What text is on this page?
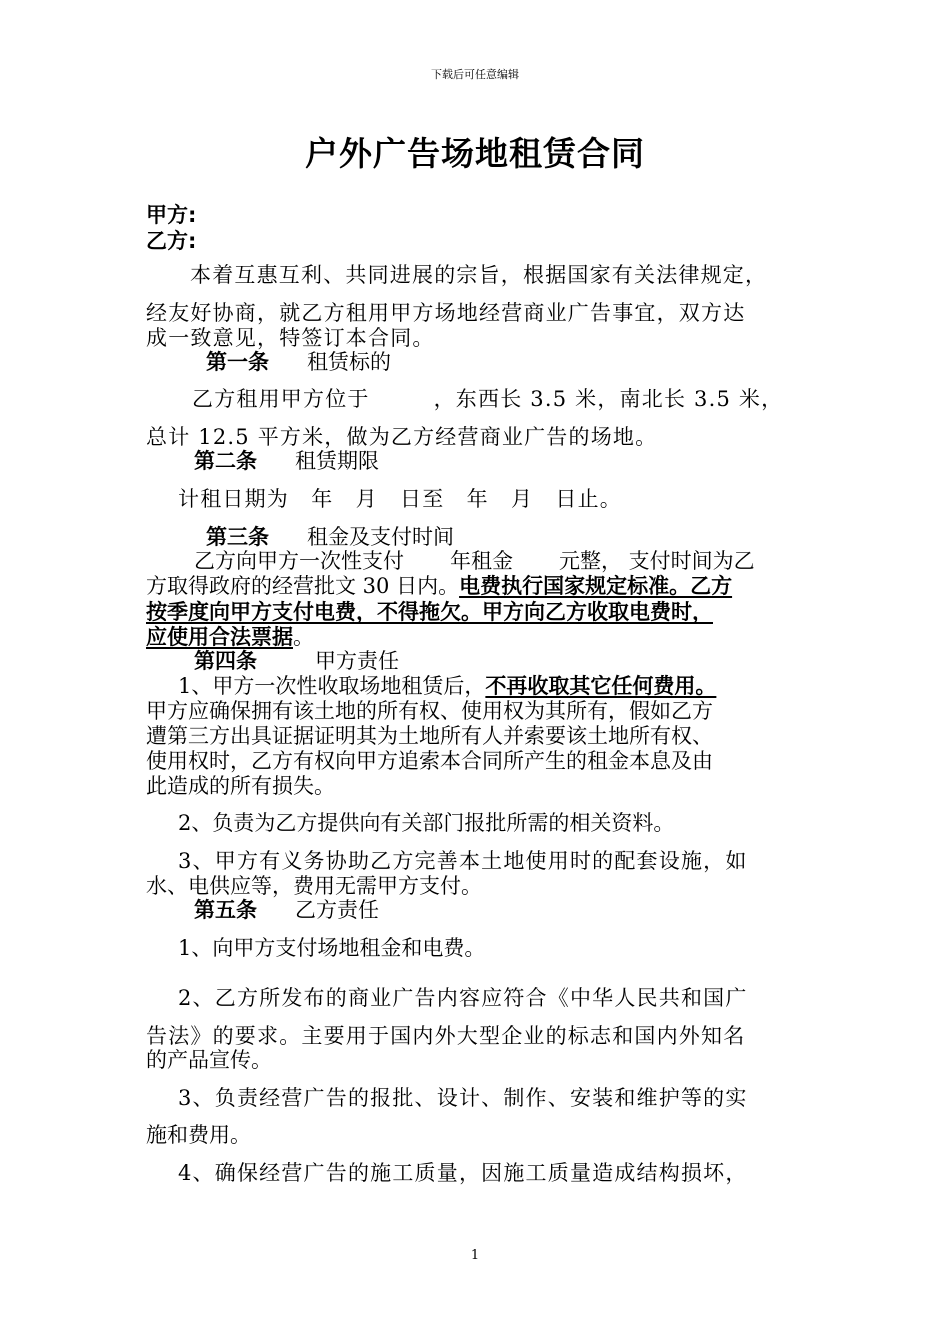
下载后可任意编辑
户外广告场地租赁合同
甲方:
乙方:
本着互惠互利、共同进展的宗旨，根据国家有关法律规定，
经友好协商，就乙方租用甲方场地经营商业广告事宜，双方达
成一致意见，特签订本合同。
第一条 租赁标的
乙方租用甲方位于	，东西长 3.5 米，南北长 3.5 米，
总计 12.5 平方米，做为乙方经营商业广告的场地。
第二条 租赁期限
计租日期为　年　月　日至　年　月　日止。
第三条 租金及支付时间
乙方向甲方一次性支付 年租金 元整， 支付时间为乙
方取得政府的经营批文 30 日内。电费执行国家规定标准。乙方
按季度向甲方支付电费，不得拖欠。甲方向乙方收取电费时，
应使用合法票据。
第四条	甲方责任
1、甲方一次性收取场地租赁后，不再收取其它任何费用。
甲方应确保拥有该土地的所有权、使用权为其所有，假如乙方
遭第三方出具证据证明其为土地所有人并索要该土地所有权、
使用权时，乙方有权向甲方追索本合同所产生的租金本息及由
此造成的所有损失。
2、负责为乙方提供向有关部门报批所需的相关资料。
3、甲方有义务协助乙方完善本土地使用时的配套设施，如
水、电供应等，费用无需甲方支付。
第五条 乙方责任
1、向甲方支付场地租金和电费。
2、乙方所发布的商业广告内容应符合《中华人民共和国广
告法》的要求。主要用于国内外大型企业的标志和国内外知名
的产品宣传。
3、负责经营广告的报批、设计、制作、安装和维护等的实
施和费用。
4、确保经营广告的施工质量，因施工质量造成结构损坏，
1
